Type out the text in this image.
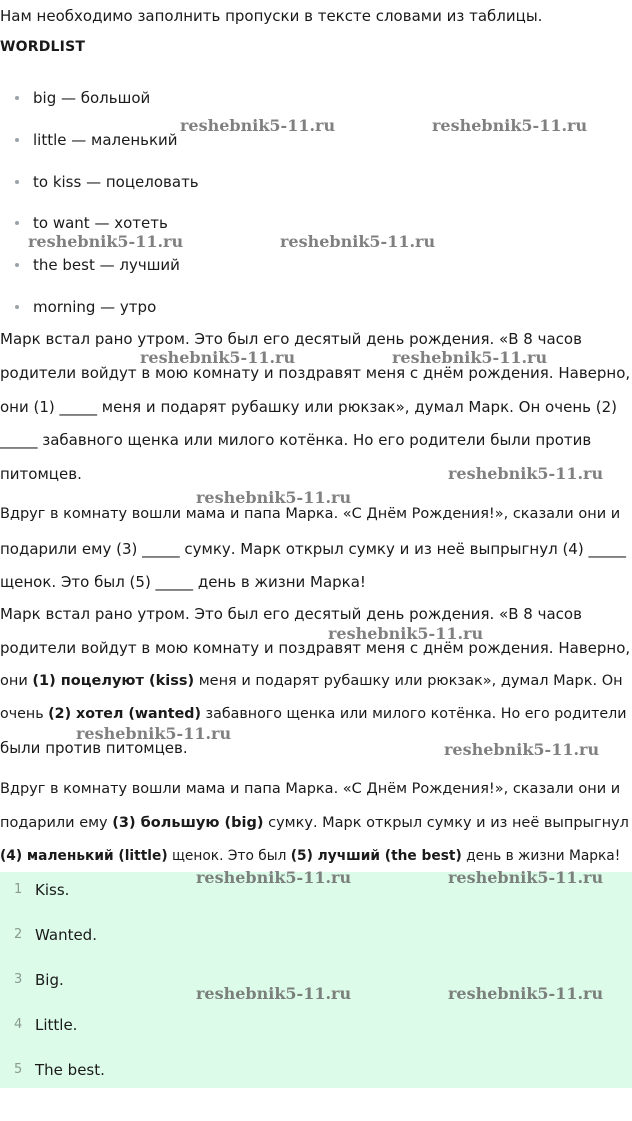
Нам необходимо заполнить пропуски в тексте словами из таблицы.

WORDLIST

big — большой
little — маленький
to kiss — поцеловать
to want — хотеть
the best — лучший
morning — утро
Марк встал рано утром. Это был его десятый день рождения. «В 8 часов
родители войдут в мою комнату и поздравят меня с днём рождения. Наверно,
они (1) _____ меня и подарят рубашку или рюкзак», думал Марк. Он очень (2)
_____ забавного щенка или милого котёнка. Но его родители были против
питомцев.
Вдруг в комнату вошли мама и папа Марка. «С Днём Рождения!», сказали они и
подарили ему (3) _____ сумку. Марк открыл сумку и из неё выпрыгнул (4) _____
щенок. Это был (5) _____ день в жизни Марка!
Марк встал рано утром. Это был его десятый день рождения. «В 8 часов
родители войдут в мою комнату и поздравят меня с днём рождения. Наверно,
они (1) поцелуют (kiss) меня и подарят рубашку или рюкзак», думал Марк. Он
очень (2) хотел (wanted) забавного щенка или милого котёнка. Но его родители
были против питомцев.
Вдруг в комнату вошли мама и папа Марка. «С Днём Рождения!», сказали они и
подарили ему (3) большую (big) сумку. Марк открыл сумку и из неё выпрыгнул
(4) маленький (little) щенок. Это был (5) лучший (the best) день в жизни Марка!
1 Kiss.
2 Wanted.
3 Big.
4 Little.
5 The best.
reshebnik5-11.ru	reshebnik5-11.ru
reshebnik5-11.ru	reshebnik5-11.ru
reshebnik5-11.ru	reshebnik5-11.ru
reshebnik5-11.ru
reshebnik5-11.ru
reshebnik5-11.ru
reshebnik5-11.ru
reshebnik5-11.ru
reshebnik5-11.ru	reshebnik5-11.ru
reshebnik5-11.ru	reshebnik5-11.ru
